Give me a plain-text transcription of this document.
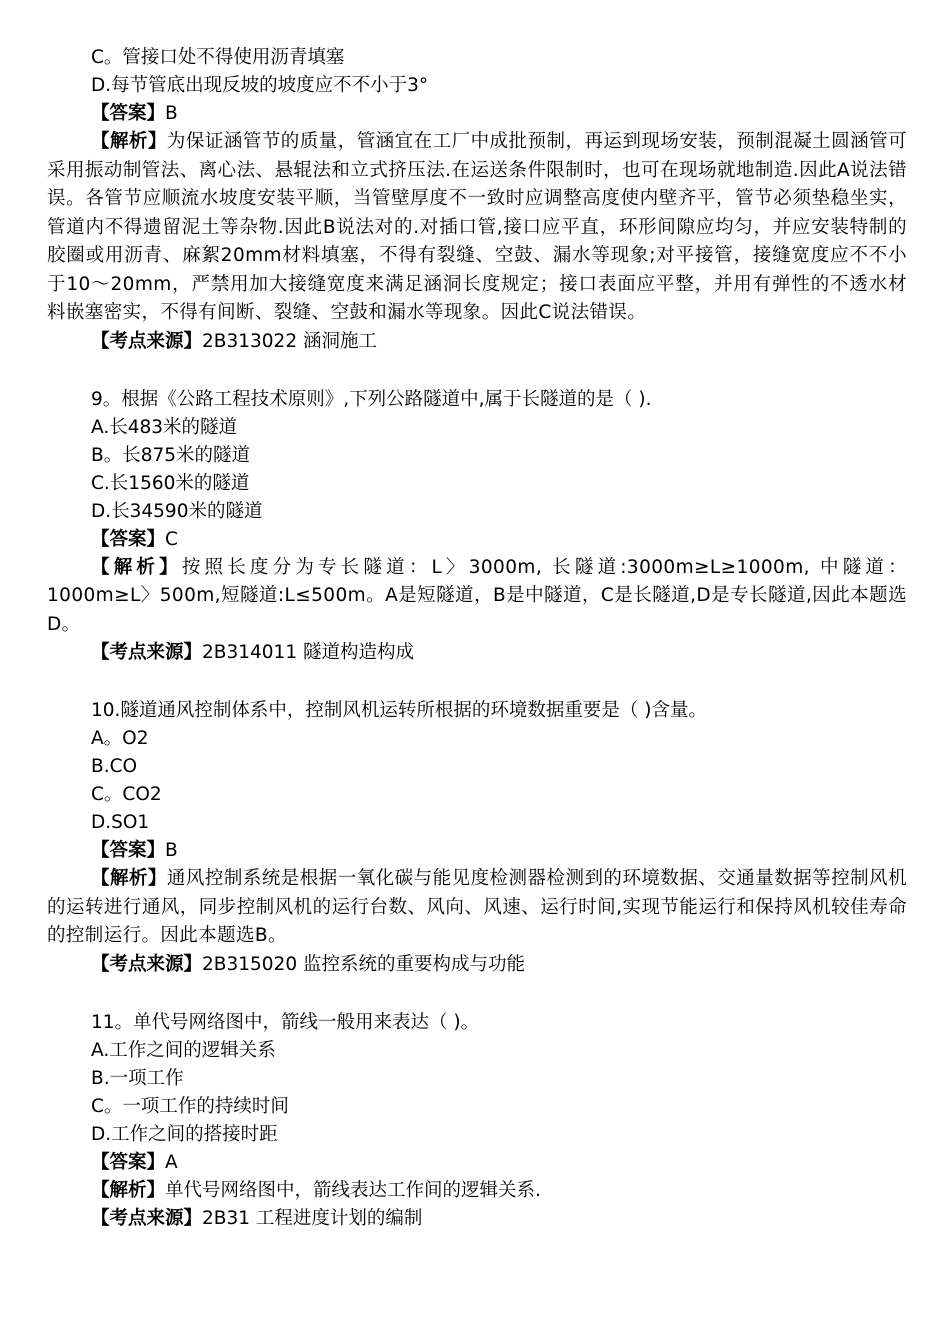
C。管接口处不得使用沥青填塞
D.每节管底出现反坡的坡度应不不小于3°
【答案】B
【解析】为保证涵管节的质量，管涵宜在工厂中成批预制，再运到现场安装，预制混凝土圆涵管可采用振动制管法、离心法、悬辊法和立式挤压法.在运送条件限制时，也可在现场就地制造.因此A说法错误。各管节应顺流水坡度安装平顺，当管壁厚度不一致时应调整高度使内壁齐平，管节必须垫稳坐实，管道内不得遗留泥土等杂物.因此B说法对的.对插口管,接口应平直，环形间隙应均匀，并应安装特制的胶圈或用沥青、麻絮20mm材料填塞，不得有裂缝、空鼓、漏水等现象;对平接管，接缝宽度应不不小于10～20mm，严禁用加大接缝宽度来满足涵洞长度规定；接口表面应平整，并用有弹性的不透水材料嵌塞密实，不得有间断、裂缝、空鼓和漏水等现象。因此C说法错误。
【考点来源】2B313022 涵洞施工
9。根据《公路工程技术原则》,下列公路隧道中,属于长隧道的是（ ).
A.长483米的隧道
B。长875米的隧道
C.长1560米的隧道
D.长34590米的隧道
【答案】C
【解析】按照长度分为专长隧道：L〉3000m, 长隧道:3000m≥L≥1000m, 中隧道：1000m≥L〉500m,短隧道:L≤500m。A是短隧道，B是中隧道，C是长隧道,D是专长隧道,因此本题选D。
【考点来源】2B314011 隧道构造构成
10.隧道通风控制体系中，控制风机运转所根据的环境数据重要是（ )含量。
A。O2
B.CO
C。CO2
D.SO1
【答案】B
【解析】通风控制系统是根据一氧化碳与能见度检测器检测到的环境数据、交通量数据等控制风机的运转进行通风，同步控制风机的运行台数、风向、风速、运行时间,实现节能运行和保持风机较佳寿命的控制运行。因此本题选B。
【考点来源】2B315020 监控系统的重要构成与功能
11。单代号网络图中，箭线一般用来表达（ )。
A.工作之间的逻辑关系
B.一项工作
C。一项工作的持续时间
D.工作之间的搭接时距
【答案】A
【解析】单代号网络图中，箭线表达工作间的逻辑关系.
【考点来源】2B31 工程进度计划的编制
